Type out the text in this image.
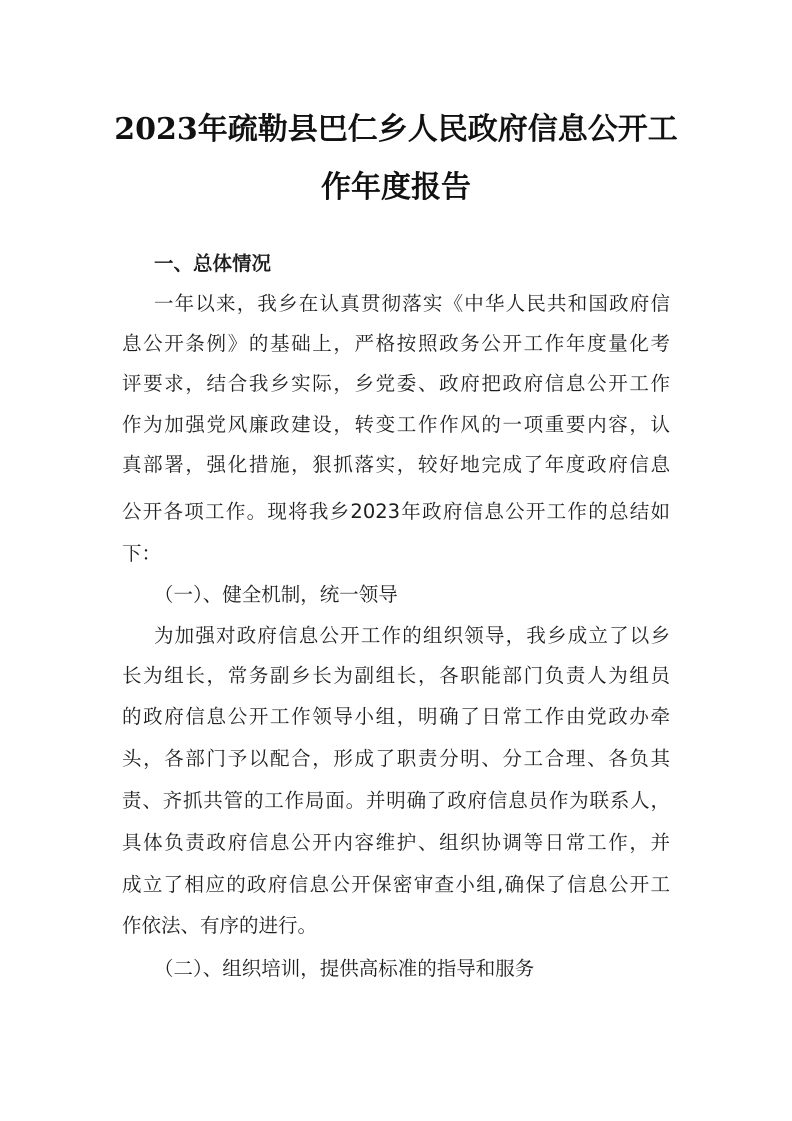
2023年疏勒县巴仁乡人民政府信息公开工
作年度报告
一、总体情况
一年以来，我乡在认真贯彻落实《中华人民共和国政府信
息公开条例》的基础上，严格按照政务公开工作年度量化考
评要求，结合我乡实际，乡党委、政府把政府信息公开工作
作为加强党风廉政建设，转变工作作风的一项重要内容，认
真部署，强化措施，狠抓落实，较好地完成了年度政府信息
公开各项工作。现将我乡2023年政府信息公开工作的总结如
下：
（一）、健全机制，统一领导
为加强对政府信息公开工作的组织领导，我乡成立了以乡
长为组长，常务副乡长为副组长，各职能部门负责人为组员
的政府信息公开工作领导小组，明确了日常工作由党政办牵
头，各部门予以配合，形成了职责分明、分工合理、各负其
责、齐抓共管的工作局面。并明确了政府信息员作为联系人，
具体负责政府信息公开内容维护、组织协调等日常工作，并
成立了相应的政府信息公开保密审查小组,确保了信息公开工
作依法、有序的进行。
（二）、组织培训，提供高标准的指导和服务
